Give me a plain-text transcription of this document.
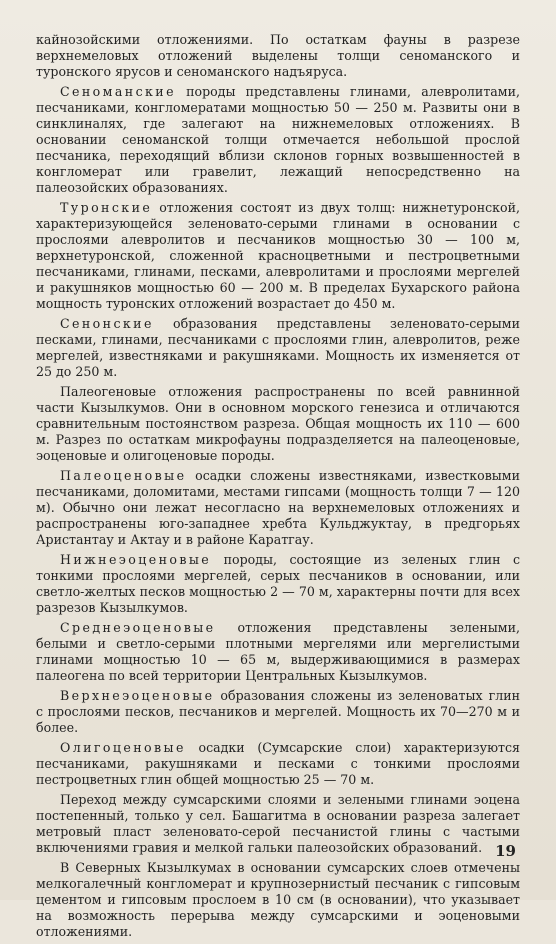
кайнозойскими отложениями. По остаткам фауны в разрезе верхнемеловых отложений выделены толщи сеноманского и туронского ярусов и сеноманского надъяруса.

Сеноманские породы представлены глинами, алевролитами, песчаниками, конгломератами мощностью 50 — 250 м. Развиты они в синклиналях, где залегают на нижнемеловых отложениях. В основании сеноманской толщи отмечается небольшой прослой песчаника, переходящий вблизи склонов горных возвышенностей в конгломерат или гравелит, лежащий непосредственно на палеозойских образованиях.

Туронские отложения состоят из двух толщ: нижнетуронской, характеризующейся зеленовато-серыми глинами в основании с прослоями алевролитов и песчаников мощностью 30 — 100 м, верхнетуронской, сложенной красноцветными и пестроцветными песчаниками, глинами, песками, алевролитами и прослоями мергелей и ракушняков мощностью 60 — 200 м. В пределах Бухарского района мощность туронских отложений возрастает до 450 м.

Сенонские образования представлены зеленовато-серыми песками, глинами, песчаниками с прослоями глин, алевролитов, реже мергелей, известняками и ракушняками. Мощность их изменяется от 25 до 250 м.

Палеогеновые отложения распространены по всей равнинной части Кызылкумов. Они в основном морского генезиса и отличаются сравнительным постоянством разреза. Общая мощность их 110 — 600 м. Разрез по остаткам микрофауны подразделяется на палеоценовые, эоценовые и олигоценовые породы.

Палеоценовые осадки сложены известняками, известковыми песчаниками, доломитами, местами гипсами (мощность толщи 7 — 120 м). Обычно они лежат несогласно на верхнемеловых отложениях и распространены юго-западнее хребта Кульджуктау, в предгорьях Аристантау и Актау и в районе Каратгау.

Нижнеэоценовые породы, состоящие из зеленых глин с тонкими прослоями мергелей, серых песчаников в основании, или светло-желтых песков мощностью 2 — 70 м, характерны почти для всех разрезов Кызылкумов.

Среднеэоценовые отложения представлены зелеными, белыми и светло-серыми плотными мергелями или мергелистыми глинами мощностью 10 — 65 м, выдерживающимися в размерах палеогена по всей территории Центральных Кызылкумов.

Верхнеэоценовые образования сложены из зеленоватых глин с прослоями песков, песчаников и мергелей. Мощность их 70—270 м и более.

Олигоценовые осадки (Сумсарские слои) характеризуются песчаниками, ракушняками и песками с тонкими прослоями пестроцветных глин общей мощностью 25 — 70 м.

Переход между сумсарскими слоями и зелеными глинами эоцена постепенный, только у сел. Башагитма в основании разреза залегает метровый пласт зеленовато-серой песчанистой глины с частыми включениями гравия и мелкой гальки палеозойских образований.

В Северных Кызылкумах в основании сумсарских слоев отмечены мелкогалечный конгломерат и крупнозернистый песчаник с гипсовым цементом и гипсовым прослоем в 10 см (в основании), что указывает на возможность перерыва между сумсарскими и эоценовыми отложениями.

19
